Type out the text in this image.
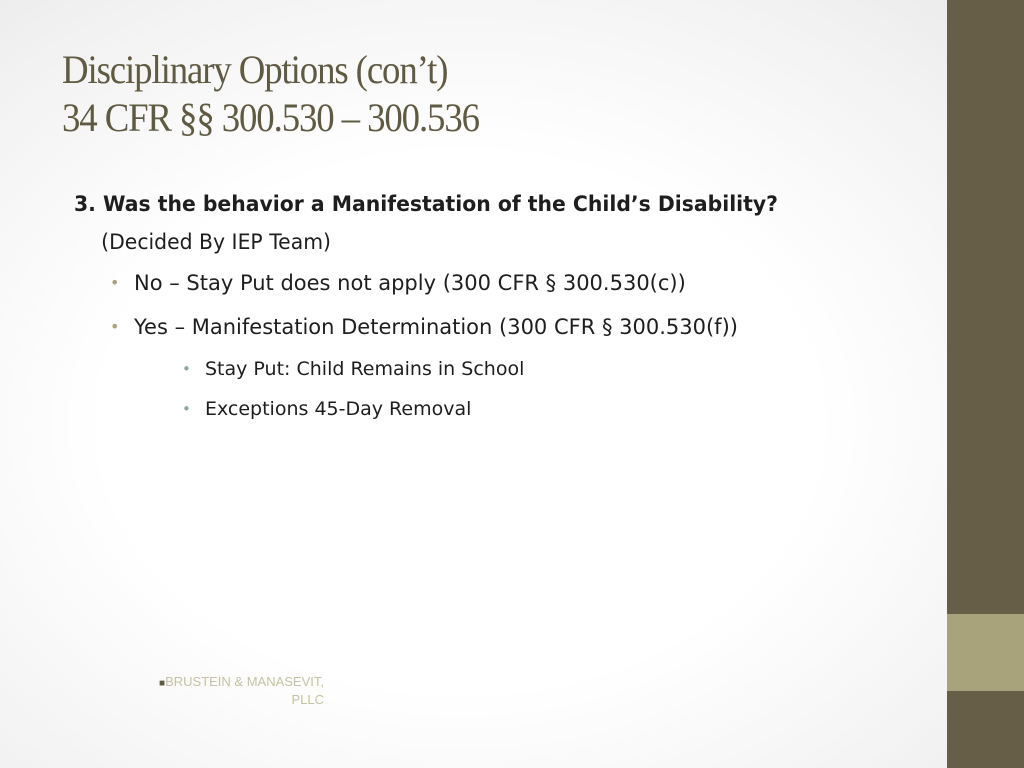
Disciplinary Options (con’t)
34 CFR §§ 300.530 – 300.536
3. Was the behavior a Manifestation of the Child’s Disability?
(Decided By IEP Team)
• No – Stay Put does not apply (300 CFR § 300.530(c))
• Yes – Manifestation Determination (300 CFR § 300.530(f))
• Stay Put: Child Remains in School
• Exceptions 45-Day Removal
■BRUSTEIN & MANASEVIT,
PLLC
